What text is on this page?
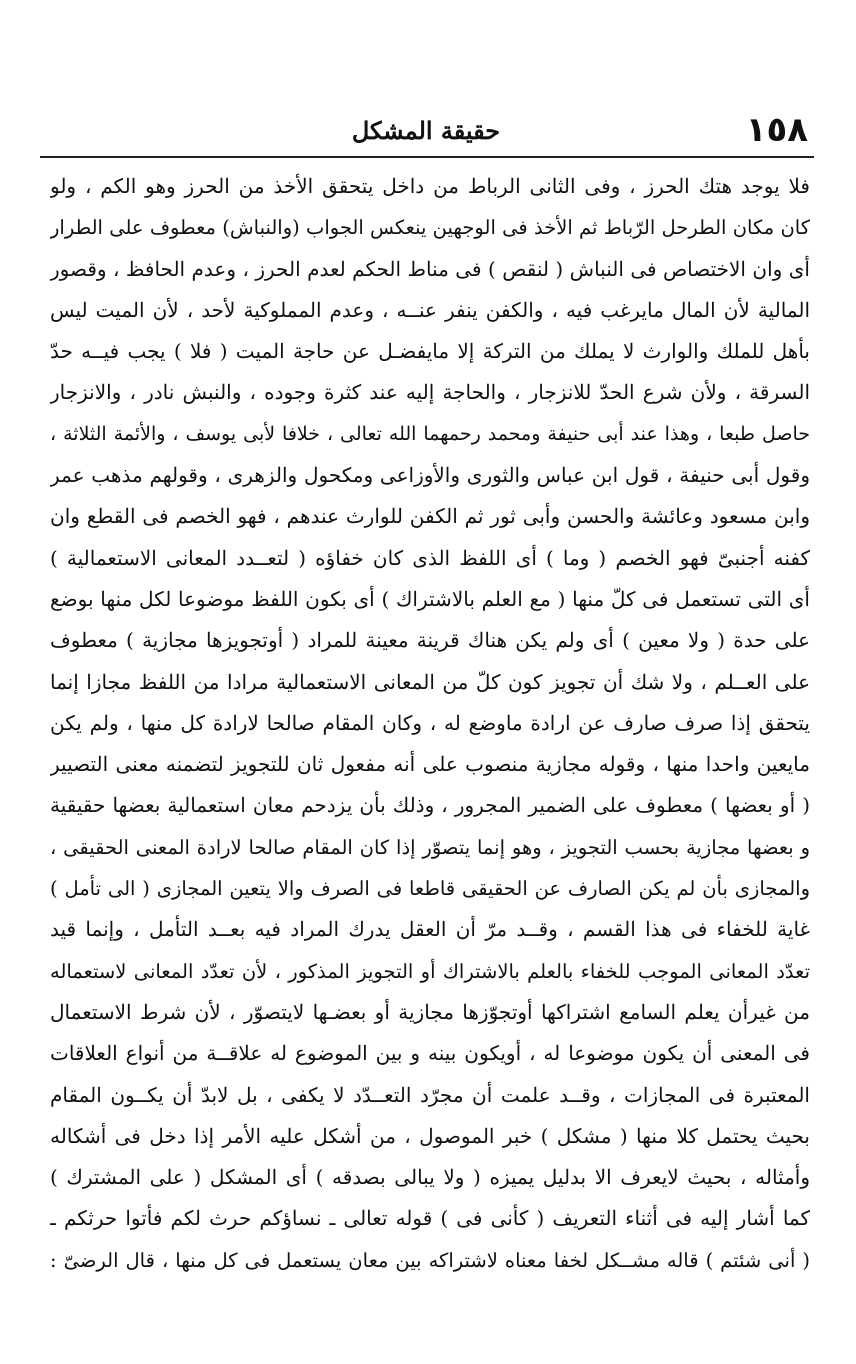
١٥٨
حقيقة المشكل
فلا يوجد هتك الحرز ، وفى الثانى الرباط من داخل يتحقق الأخذ من الحرز وهو الكم ، ولو
كان مكان الطرحل الرّباط ثم الأخذ فى الوجهين ينعكس الجواب (والنباش) معطوف على الطرار
أى وان الاختصاص فى النباش ( لنقص ) فى مناط الحكم لعدم الحرز ، وعدم الحافظ ، وقصور
المالية لأن المال مايرغب فيه ، والكفن ينفر عنــه ، وعدم المملوكية لأحد ، لأن الميت ليس
بأهل للملك والوارث لا يملك من التركة إلا مايفضـل عن حاجة الميت ( فلا ) يجب فيــه حدّ
السرقة ، ولأن شرع الحدّ للانزجار ، والحاجة إليه عند كثرة وجوده ، والنبش نادر ، والانزجار
حاصل طبعا ، وهذا عند أبى حنيفة ومحمد رحمهما الله تعالى ، خلافا لأبى يوسف ، والأئمة الثلاثة ،
وقول أبى حنيفة ، قول ابن عباس والثورى والأوزاعى ومكحول والزهرى ، وقولهم مذهب عمر
وابن مسعود وعائشة والحسن وأبى ثور ثم الكفن للوارث عندهم ، فهو الخصم فى القطع وان
كفنه أجنبىّ فهو الخصم ( وما ) أى اللفظ الذى كان خفاؤه ( لتعــدد المعانى الاستعمالية )
أى التى تستعمل فى كلّ منها ( مع العلم بالاشتراك ) أى بكون اللفظ موضوعا لكل منها بوضع
على حدة ( ولا معين ) أى ولم يكن هناك قرينة معينة للمراد ( أوتجويزها مجازية ) معطوف
على العــلم ، ولا شك أن تجويز كون كلّ من المعانى الاستعمالية مرادا من اللفظ مجازا إنما
يتحقق إذا صرف صارف عن ارادة ماوضع له ، وكان المقام صالحا لارادة كل منها ، ولم يكن
مايعين واحدا منها ، وقوله مجازية منصوب على أنه مفعول ثان للتجويز لتضمنه معنى التصيير
( أو بعضها ) معطوف على الضمير المجرور ، وذلك بأن يزدحم معان استعمالية بعضها حقيقية
و بعضها مجازية بحسب التجويز ، وهو إنما يتصوّر إذا كان المقام صالحا لارادة المعنى الحقيقى ،
والمجازى بأن لم يكن الصارف عن الحقيقى قاطعا فى الصرف والا يتعين المجازى ( الى تأمل )
غاية للخفاء فى هذا القسم ، وقــد مرّ أن العقل يدرك المراد فيه بعــد التأمل ، وإنما قيد
تعدّد المعانى الموجب للخفاء بالعلم بالاشتراك أو التجويز المذكور ، لأن تعدّد المعانى لاستعماله
من غيرأن يعلم السامع اشتراكها أوتجوّزها مجازية أو بعضـها لايتصوّر ، لأن شرط الاستعمال
فى المعنى أن يكون موضوعا له ، أويكون بينه و بين الموضوع له علاقــة من أنواع العلاقات
المعتبرة فى المجازات ، وقــد علمت أن مجرّد التعــدّد لا يكفى ، بل لابدّ أن يكــون المقام
بحيث يحتمل كلا منها ( مشكل ) خبر الموصول ، من أشكل عليه الأمر إذا دخل فى أشكاله
وأمثاله ، بحيث لايعرف الا بدليل يميزه ( ولا يبالى بصدقه ) أى المشكل ( على المشترك )
كما أشار إليه فى أثناء التعريف ( كأنى فى ) قوله تعالى ـ نساؤكم حرث لكم فأتوا حرثكم ـ
( أنى شئتم ) قاله مشــكل لخفا معناه لاشتراكه بين معان يستعمل فى كل منها ، قال الرضىّ :
